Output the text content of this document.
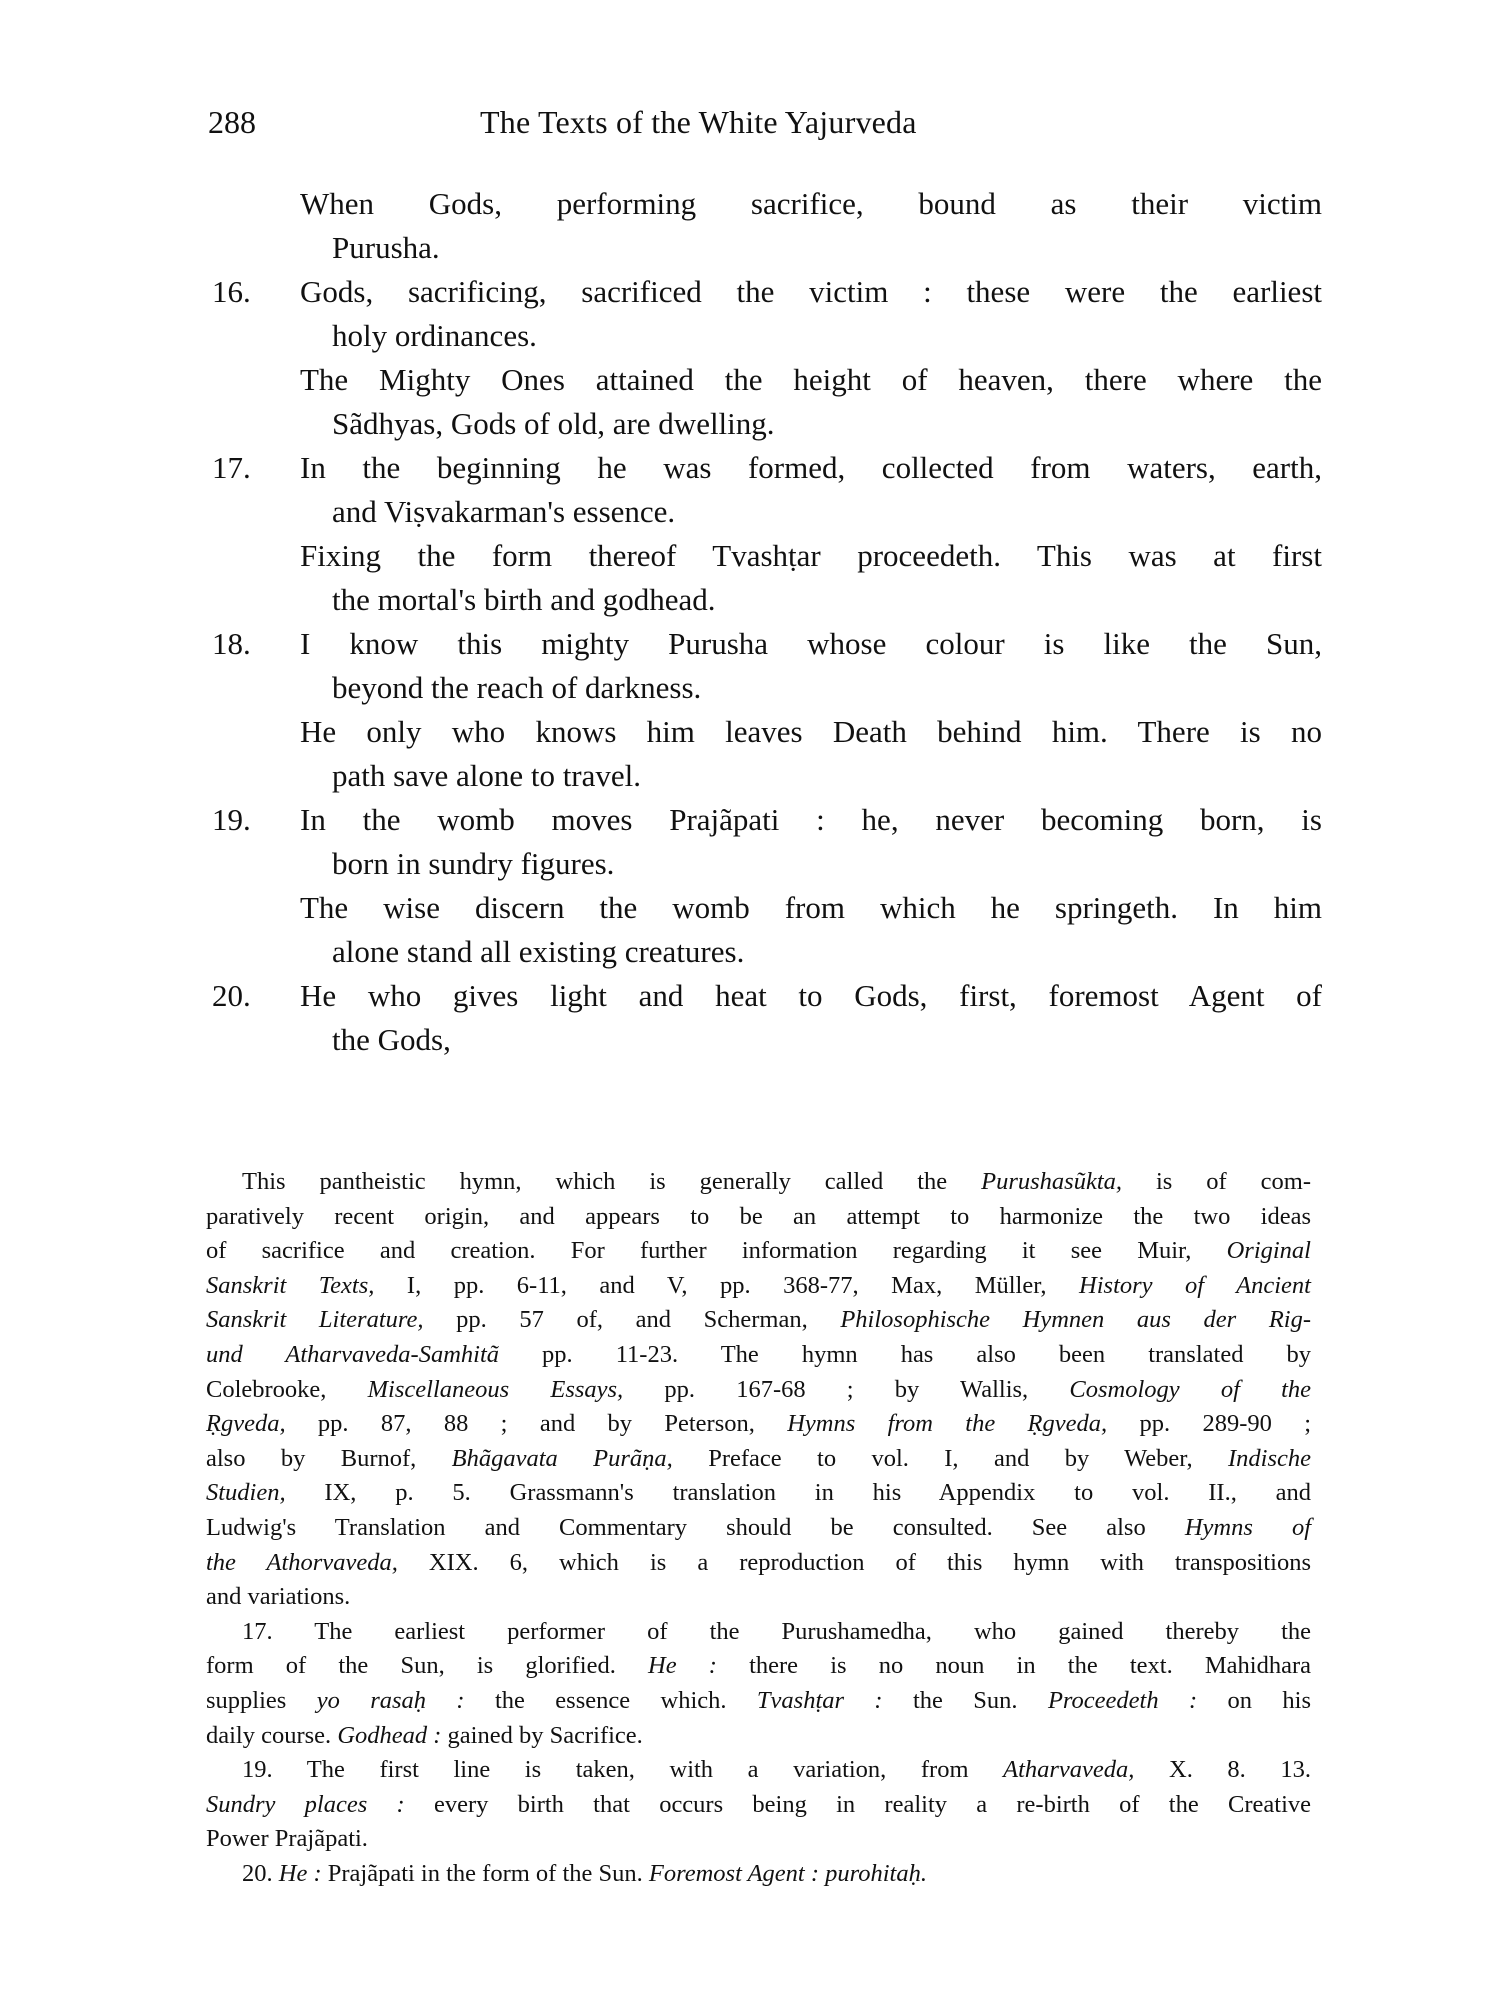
288	The Texts of the White Yajurveda
When Gods, performing sacrifice, bound as their victim
Purusha.
16. Gods, sacrificing, sacrificed the victim : these were the earliest
holy ordinances.
The Mighty Ones attained the height of heaven, there where the
Sãdhyas, Gods of old, are dwelling.
17. In the beginning he was formed, collected from waters, earth,
and Viṣvakarman's essence.
Fixing the form thereof Tvashṭar proceedeth. This was at first
the mortal's birth and godhead.
18. I know this mighty Purusha whose colour is like the Sun,
beyond the reach of darkness.
He only who knows him leaves Death behind him. There is no
path save alone to travel.
19. In the womb moves Prajãpati : he, never becoming born, is
born in sundry figures.
The wise discern the womb from which he springeth. In him
alone stand all existing creatures.
20. He who gives light and heat to Gods, first, foremost Agent of
the Gods,
This pantheistic hymn, which is generally called the Purushasũkta, is of com-
paratively recent origin, and appears to be an attempt to harmonize the two ideas
of sacrifice and creation. For further information regarding it see Muir, Original
Sanskrit Texts, I, pp. 6-11, and V, pp. 368-77, Max, Müller, History of Ancient
Sanskrit Literature, pp. 57 of, and Scherman, Philosophische Hymnen aus der Rig-
und Atharvaveda-Samhitã pp. 11-23. The hymn has also been translated by
Colebrooke, Miscellaneous Essays, pp. 167-68 ; by Wallis, Cosmology of the
Ṛgveda, pp. 87, 88 ; and by Peterson, Hymns from the Ṛgveda, pp. 289-90 ;
also by Burnof, Bhãgavata Purãṇa, Preface to vol. I, and by Weber, Indische
Studien, IX, p. 5. Grassmann's translation in his Appendix to vol. II., and
Ludwig's Translation and Commentary should be consulted. See also Hymns of
the Athorvaveda, XIX. 6, which is a reproduction of this hymn with transpositions
and variations.
17. The earliest performer of the Purushamedha, who gained thereby the
form of the Sun, is glorified. He : there is no noun in the text. Mahidhara
supplies yo rasaḥ : the essence which. Tvashṭar : the Sun. Proceedeth : on his
daily course. Godhead : gained by Sacrifice.
19. The first line is taken, with a variation, from Atharvaveda, X. 8. 13.
Sundry places : every birth that occurs being in reality a re-birth of the Creative
Power Prajãpati.
20. He : Prajãpati in the form of the Sun. Foremost Agent : purohitaḥ.
